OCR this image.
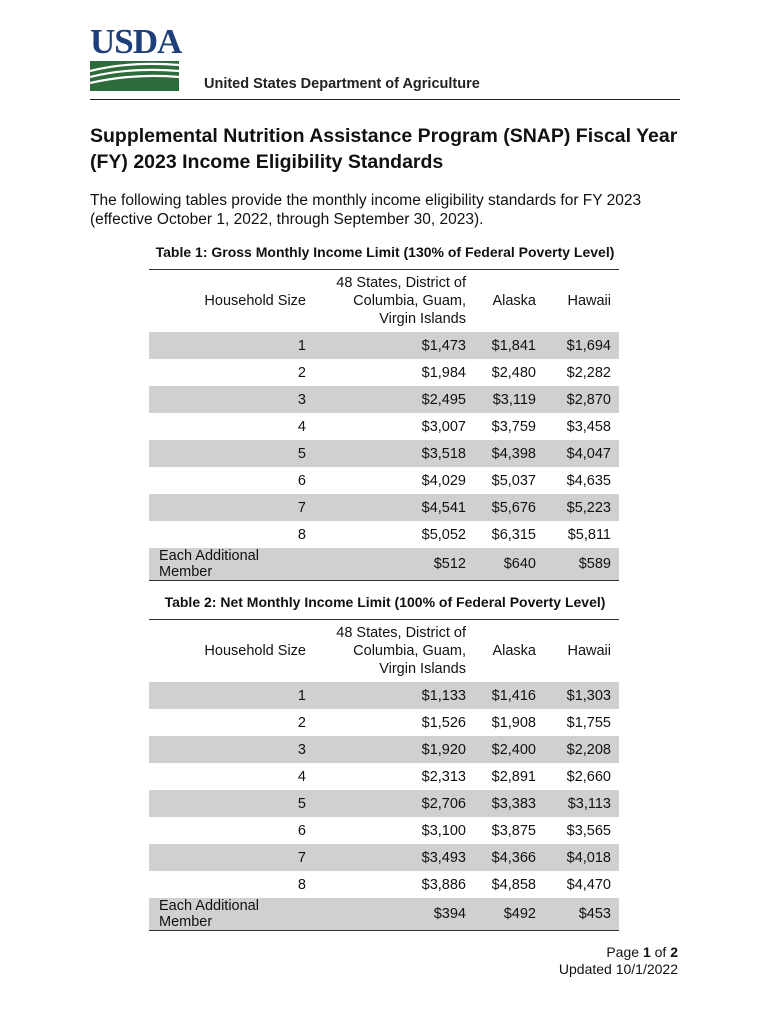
USDA
United States Department of Agriculture
Supplemental Nutrition Assistance Program (SNAP) Fiscal Year (FY) 2023 Income Eligibility Standards

The following tables provide the monthly income eligibility standards for FY 2023 (effective October 1, 2022, through September 30, 2023).

Table 1: Gross Monthly Income Limit (130% of Federal Poverty Level)
Household Size	48 States, District of Columbia, Guam, Virgin Islands	Alaska	Hawaii
1	$1,473	$1,841	$1,694
2	$1,984	$2,480	$2,282
3	$2,495	$3,119	$2,870
4	$3,007	$3,759	$3,458
5	$3,518	$4,398	$4,047
6	$4,029	$5,037	$4,635
7	$4,541	$5,676	$5,223
8	$5,052	$6,315	$5,811
Each Additional Member	$512	$640	$589
Table 2: Net Monthly Income Limit (100% of Federal Poverty Level)
Household Size	48 States, District of Columbia, Guam, Virgin Islands	Alaska	Hawaii
1	$1,133	$1,416	$1,303
2	$1,526	$1,908	$1,755
3	$1,920	$2,400	$2,208
4	$2,313	$2,891	$2,660
5	$2,706	$3,383	$3,113
6	$3,100	$3,875	$3,565
7	$3,493	$4,366	$4,018
8	$3,886	$4,858	$4,470
Each Additional Member	$394	$492	$453
Page 1 of 2
Updated 10/1/2022
